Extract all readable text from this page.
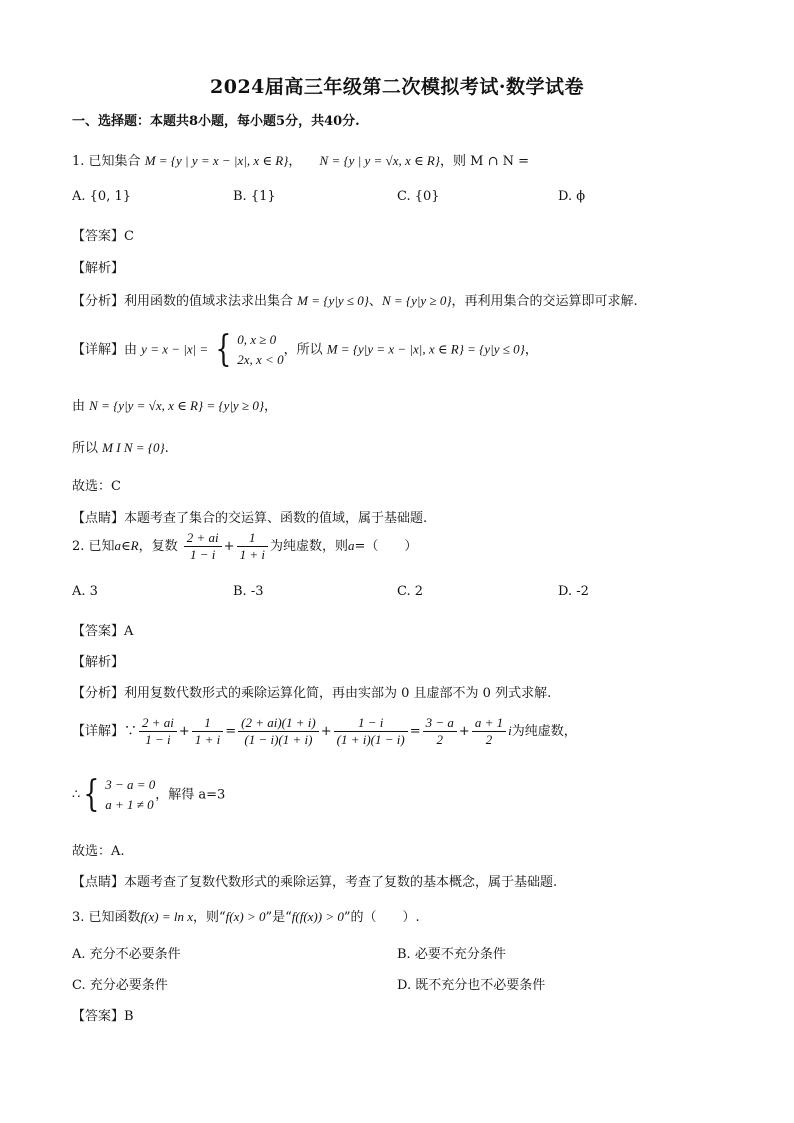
2024届高三年级第二次模拟考试·数学试卷
一、选择题：本题共8小题，每小题5分，共40分.
1. 已知集合 M = {y | y = x − |x|, x ∈ R}， N = {y | y = √x, x ∈ R}，则 M ∩ N =
A. {0, 1}	B. {1}	C. {0}	D. ϕ
【答案】C
【解析】
【分析】利用函数的值域求法求出集合 M = {y|y ≤ 0}、N = {y|y ≥ 0}，再利用集合的交运算即可求解.
【详解】由 y = x − |x| = { 0, x ≥ 0
2x, x < 0
，所以 M = {y|y = x − |x|, x ∈ R} = {y|y ≤ 0}，
由 N = {y|y = √x, x ∈ R} = {y|y ≥ 0}，
所以 M I N = {0}.
故选：C
【点睛】本题考查了集合的交运算、函数的值域，属于基础题.
2. 已知a∈R，复数 $\frac{2 + ai}{1 - i} + \frac{1}{1 + i}$ 为纯虚数，则a=（　　）
A. 3	B. -3	C. 2	D. -2
【答案】A
【解析】
【分析】利用复数代数形式的乘除运算化简，再由实部为 0 且虚部不为 0 列式求解.
【详解】∵ $\frac{2 + ai}{1 - i} + \frac{1}{1 + i} = \frac{(2 + ai)(1 + i)}{(1 - i)(1 + i)} + \frac{1 - i}{(1 + i)(1 - i)} = \frac{3 - a}{2} + \frac{a + 1}{2}$ i为纯虚数，
∴{ 3 − a = 0
a + 1 ≠ 0
，解得 a=3
故选：A.
【点睛】本题考查了复数代数形式的乘除运算，考查了复数的基本概念，属于基础题.
3. 已知函数f(x) = ln x，则“f(x) > 0”是“f(f(x)) > 0”的（　　）.
A. 充分不必要条件	B. 必要不充分条件
C. 充分必要条件	D. 既不充分也不必要条件
【答案】B
